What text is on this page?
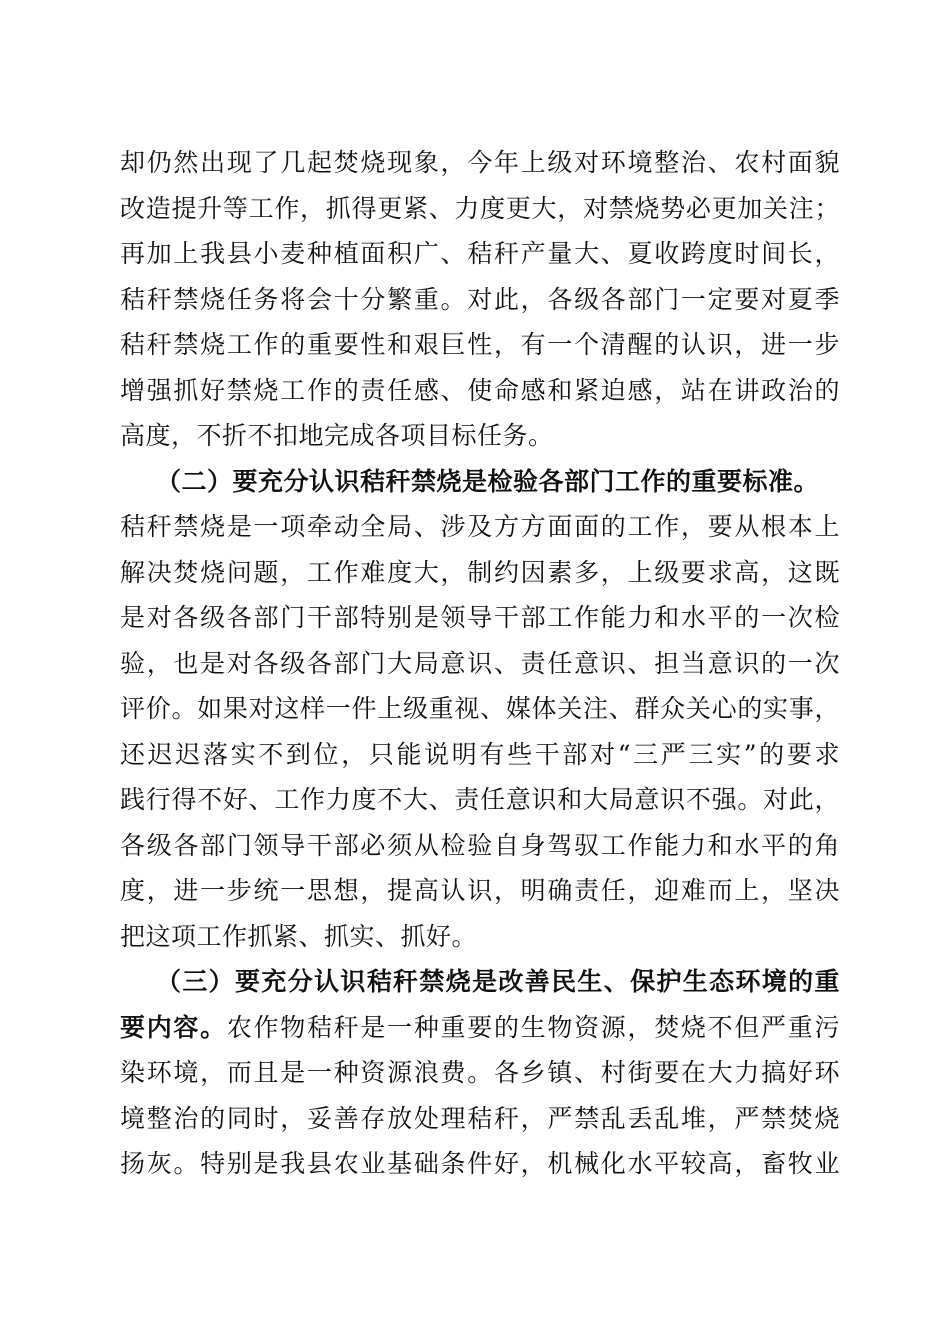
却仍然出现了几起焚烧现象，今年上级对环境整治、农村面貌
改造提升等工作，抓得更紧、力度更大，对禁烧势必更加关注；
再加上我县小麦种植面积广、秸秆产量大、夏收跨度时间长，
秸秆禁烧任务将会十分繁重。对此，各级各部门一定要对夏季
秸秆禁烧工作的重要性和艰巨性，有一个清醒的认识，进一步
增强抓好禁烧工作的责任感、使命感和紧迫感，站在讲政治的
高度，不折不扣地完成各项目标任务。
（二）要充分认识秸秆禁烧是检验各部门工作的重要标准。
秸秆禁烧是一项牵动全局、涉及方方面面的工作，要从根本上
解决焚烧问题，工作难度大，制约因素多，上级要求高，这既
是对各级各部门干部特别是领导干部工作能力和水平的一次检
验，也是对各级各部门大局意识、责任意识、担当意识的一次
评价。如果对这样一件上级重视、媒体关注、群众关心的实事，
还迟迟落实不到位，只能说明有些干部对“三严三实”的要求
践行得不好、工作力度不大、责任意识和大局意识不强。对此，
各级各部门领导干部必须从检验自身驾驭工作能力和水平的角
度，进一步统一思想，提高认识，明确责任，迎难而上，坚决
把这项工作抓紧、抓实、抓好。
（三）要充分认识秸秆禁烧是改善民生、保护生态环境的重
要内容。农作物秸秆是一种重要的生物资源，焚烧不但严重污
染环境，而且是一种资源浪费。各乡镇、村街要在大力搞好环
境整治的同时，妥善存放处理秸秆，严禁乱丢乱堆，严禁焚烧
扬灰。特别是我县农业基础条件好，机械化水平较高，畜牧业
